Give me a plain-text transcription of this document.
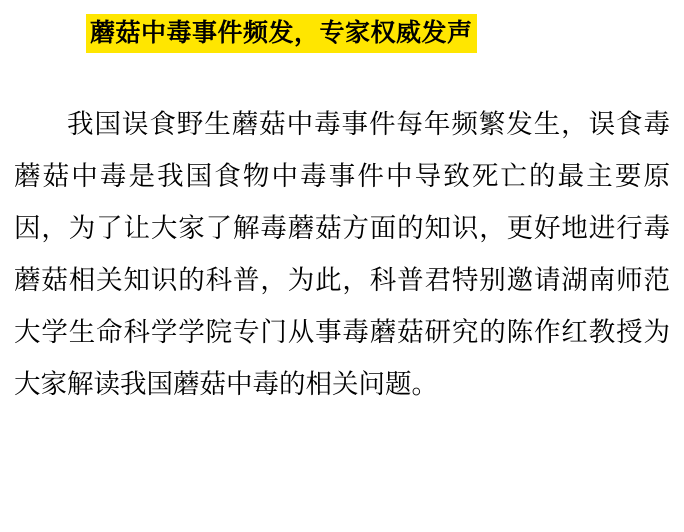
蘑菇中毒事件频发，专家权威发声

我国误食野生蘑菇中毒事件每年频繁发生，误食毒蘑菇中毒是我国食物中毒事件中导致死亡的最主要原因，为了让大家了解毒蘑菇方面的知识，更好地进行毒蘑菇相关知识的科普，为此，科普君特别邀请湖南师范大学生命科学学院专门从事毒蘑菇研究的陈作红教授为大家解读我国蘑菇中毒的相关问题。
